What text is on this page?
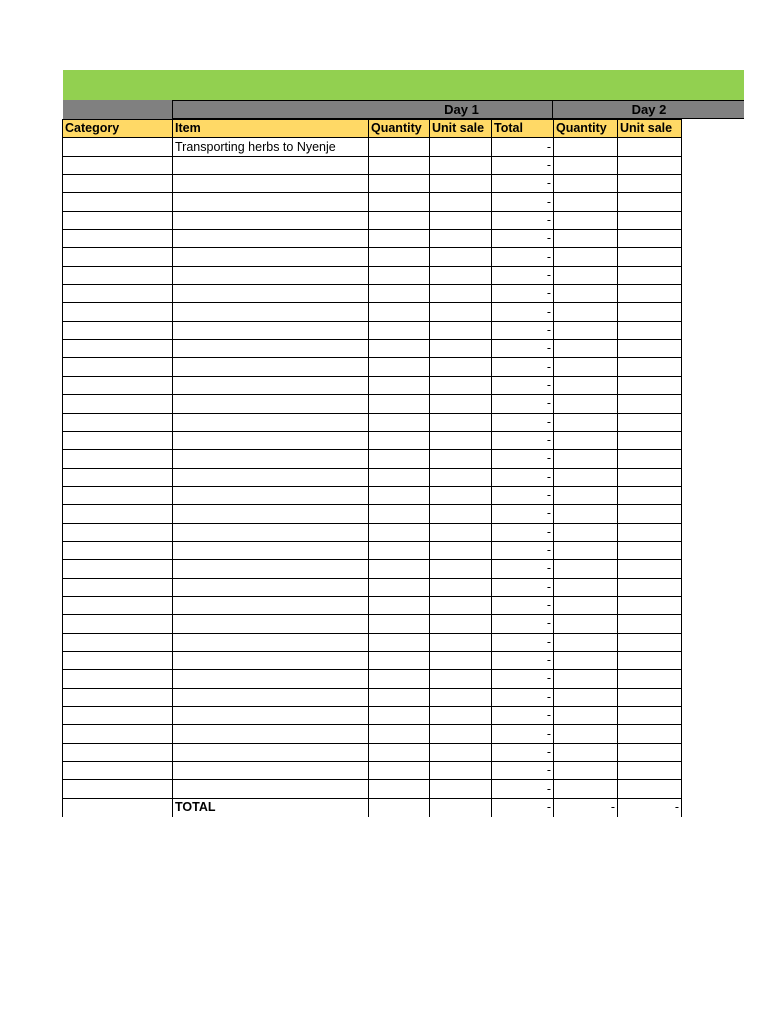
Day 1	Day 2
Category	Item	Quantity	Unit sale	Total	Quantity	Unit sale
	Transporting herbs to Nyenje			-		
				-		
				-		
				-		
				-		
				-		
				-		
				-		
				-		
				-		
				-		
				-		
				-		
				-		
				-		
				-		
				-		
				-		
				-		
				-		
				-		
				-		
				-		
				-		
				-		
				-		
				-		
				-		
				-		
				-		
				-		
				-		
				-		
				-		
				-		
				-		
	TOTAL			-	-	-
